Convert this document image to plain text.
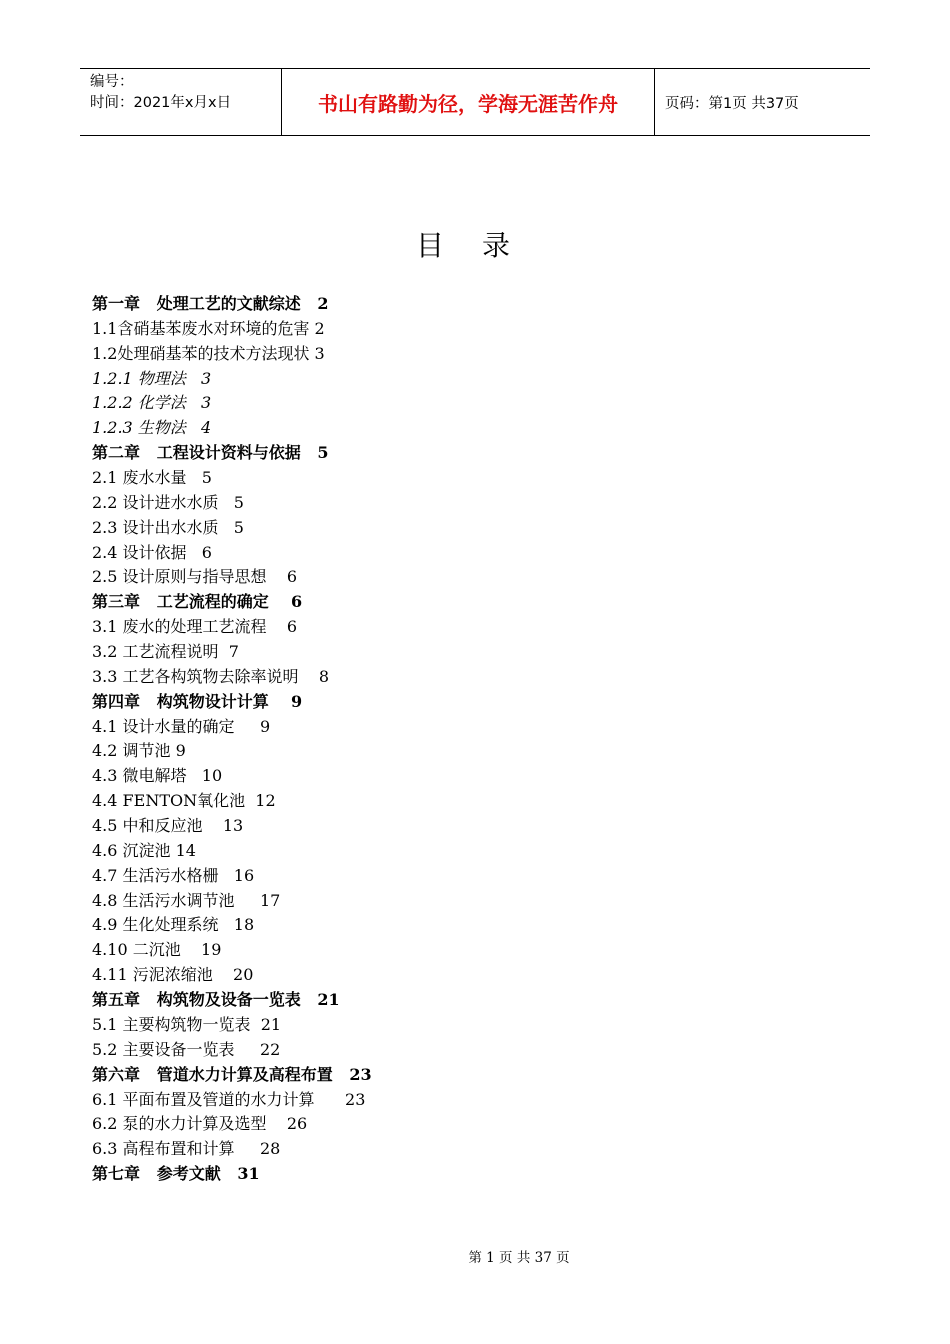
编号：
时间：2021年x月x日	书山有路勤为径，学海无涯苦作舟	页码：第1页 共37页
目录
第一章   处理工艺的文献综述   2
1.1含硝基苯废水对环境的危害 2
1.2处理硝基苯的技术方法现状 3
1.2.1 物理法   3
1.2.2 化学法   3
1.2.3 生物法   4
第二章   工程设计资料与依据   5
2.1 废水水量   5
2.2 设计进水水质   5
2.3 设计出水水质   5
2.4 设计依据   6
2.5 设计原则与指导思想    6
第三章   工艺流程的确定    6
3.1 废水的处理工艺流程    6
3.2 工艺流程说明  7
3.3 工艺各构筑物去除率说明    8
第四章   构筑物设计计算    9
4.1 设计水量的确定     9
4.2 调节池 9
4.3 微电解塔   10
4.4 FENTON氧化池  12
4.5 中和反应池    13
4.6 沉淀池 14
4.7 生活污水格栅   16
4.8 生活污水调节池     17
4.9 生化处理系统   18
4.10 二沉池    19
4.11 污泥浓缩池    20
第五章   构筑物及设备一览表   21
5.1 主要构筑物一览表  21
5.2 主要设备一览表     22
第六章   管道水力计算及高程布置   23
6.1 平面布置及管道的水力计算      23
6.2 泵的水力计算及选型    26
6.3 高程布置和计算     28
第七章   参考文献   31
第 1 页 共 37 页
